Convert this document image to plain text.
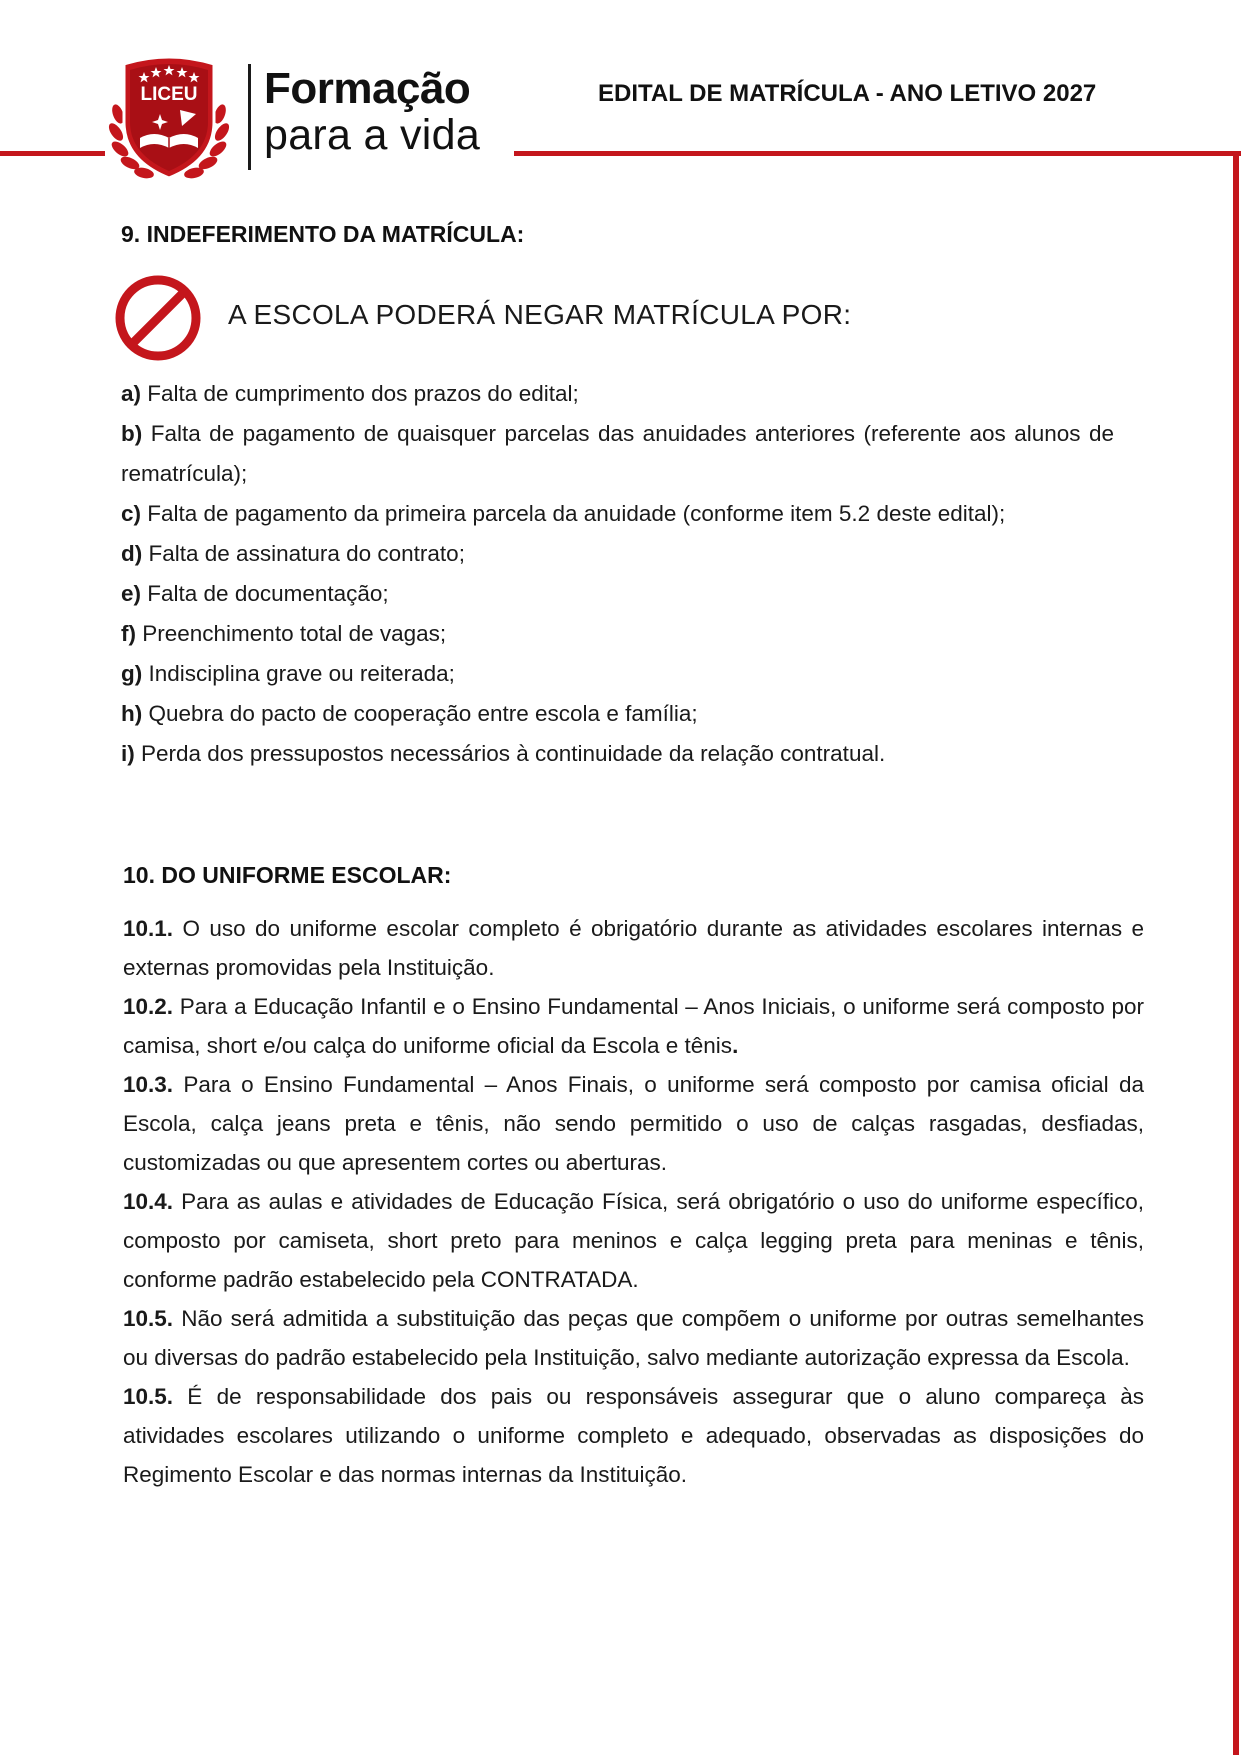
LICEU Formação
para a vida
EDITAL DE MATRÍCULA - ANO LETIVO 2027
9. INDEFERIMENTO DA MATRÍCULA:
A ESCOLA PODERÁ NEGAR MATRÍCULA POR:

a) Falta de cumprimento dos prazos do edital;

b) Falta de pagamento de quaisquer parcelas das anuidades anteriores (referente aos alunos de rematrícula);

c) Falta de pagamento da primeira parcela da anuidade (conforme item 5.2 deste edital);

d) Falta de assinatura do contrato;

e) Falta de documentação;

f) Preenchimento total de vagas;

g) Indisciplina grave ou reiterada;

h) Quebra do pacto de cooperação entre escola e família;

i) Perda dos pressupostos necessários à continuidade da relação contratual.

10. DO UNIFORME ESCOLAR:

10.1. O uso do uniforme escolar completo é obrigatório durante as atividades escolares internas e externas promovidas pela Instituição.

10.2. Para a Educação Infantil e o Ensino Fundamental – Anos Iniciais, o uniforme será composto por camisa, short e/ou calça do uniforme oficial da Escola e tênis.

10.3. Para o Ensino Fundamental – Anos Finais, o uniforme será composto por camisa oficial da Escola, calça jeans preta e tênis, não sendo permitido o uso de calças rasgadas, desfiadas, customizadas ou que apresentem cortes ou aberturas.

10.4. Para as aulas e atividades de Educação Física, será obrigatório o uso do uniforme específico, composto por camiseta, short preto para meninos e calça legging preta para meninas e tênis, conforme padrão estabelecido pela CONTRATADA.

10.5. Não será admitida a substituição das peças que compõem o uniforme por outras semelhantes ou diversas do padrão estabelecido pela Instituição, salvo mediante autorização expressa da Escola.

10.5. É de responsabilidade dos pais ou responsáveis assegurar que o aluno compareça às atividades escolares utilizando o uniforme completo e adequado, observadas as disposições do Regimento Escolar e das normas internas da Instituição.
